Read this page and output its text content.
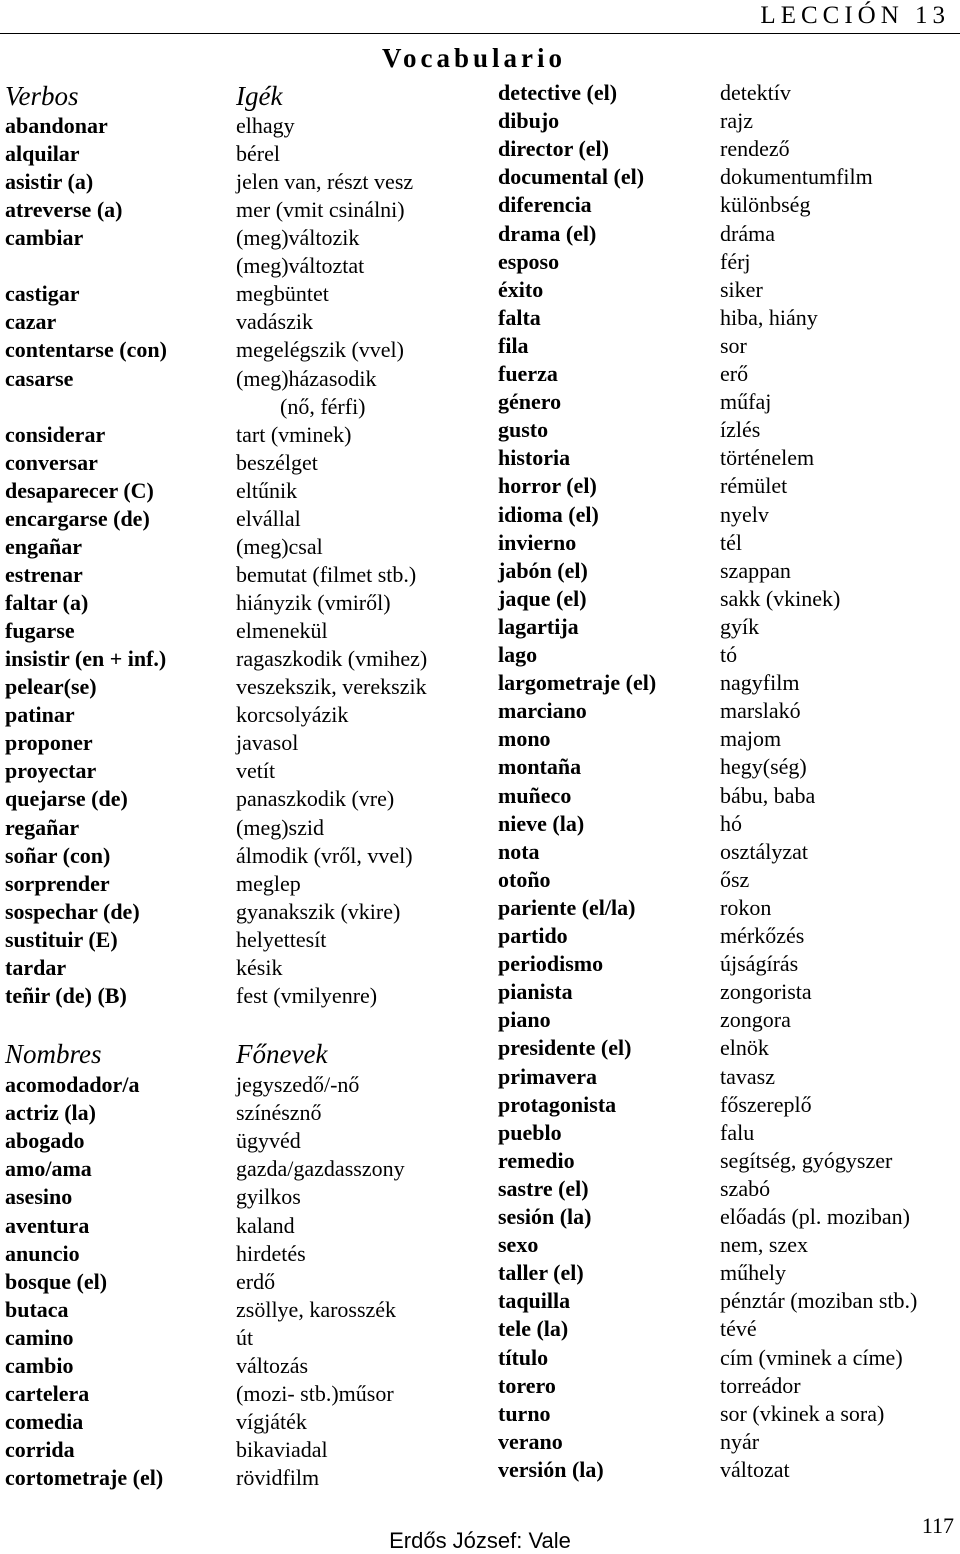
LECCIÓN 13
Vocabulario
Verbos	Igék
Nombres	Főnevek
abandonar	elhagy
alquilar	bérel
asistir (a)	jelen van, részt vesz
atreverse (a)	mer (vmit csinálni)
cambiar	(meg)változik
(meg)változtat
castigar	megbüntet
cazar	vadászik
contentarse (con)	megelégszik (vvel)
casarse	(meg)házasodik
(nő, férfi)
considerar	tart (vminek)
conversar	beszélget
desaparecer (C)	eltűnik
encargarse (de)	elvállal
engañar	(meg)csal
estrenar	bemutat (filmet stb.)
faltar (a)	hiányzik (vmiről)
fugarse	elmenekül
insistir (en + inf.)	ragaszkodik (vmihez)
pelear(se)	veszekszik, verekszik
patinar	korcsolyázik
proponer	javasol
proyectar	vetít
quejarse (de)	panaszkodik (vre)
regañar	(meg)szid
soñar (con)	álmodik (vről, vvel)
sorprender	meglep
sospechar (de)	gyanakszik (vkire)
sustituir (E)	helyettesít
tardar	késik
teñir (de) (B)	fest (vmilyenre)
acomodador/a	jegyszedő/-nő
actriz (la)	színésznő
abogado	ügyvéd
amo/ama	gazda/gazdasszony
asesino	gyilkos
aventura	kaland
anuncio	hirdetés
bosque (el)	erdő
butaca	zsöllye, karosszék
camino	út
cambio	változás
cartelera	(mozi- stb.)műsor
comedia	vígjáték
corrida	bikaviadal
cortometraje (el)	rövidfilm
detective (el)	detektív
dibujo	rajz
director (el)	rendező
documental (el)	dokumentumfilm
diferencia	különbség
drama (el)	dráma
esposo	férj
éxito	siker
falta	hiba, hiány
fila	sor
fuerza	erő
género	műfaj
gusto	ízlés
historia	történelem
horror (el)	rémület
idioma (el)	nyelv
invierno	tél
jabón (el)	szappan
jaque (el)	sakk (vkinek)
lagartija	gyík
lago	tó
largometraje (el)	nagyfilm
marciano	marslakó
mono	majom
montaña	hegy(ség)
muñeco	bábu, baba
nieve (la)	hó
nota	osztályzat
otoño	ősz
pariente (el/la)	rokon
partido	mérkőzés
periodismo	újságírás
pianista	zongorista
piano	zongora
presidente (el)	elnök
primavera	tavasz
protagonista	főszereplő
pueblo	falu
remedio	segítség, gyógyszer
sastre (el)	szabó
sesión (la)	előadás (pl. moziban)
sexo	nem, szex
taller (el)	műhely
taquilla	pénztár (moziban stb.)
tele (la)	tévé
título	cím (vminek a címe)
torero	torreádor
turno	sor (vkinek a sora)
verano	nyár
versión (la)	változat
Erdős József: Vale
117
